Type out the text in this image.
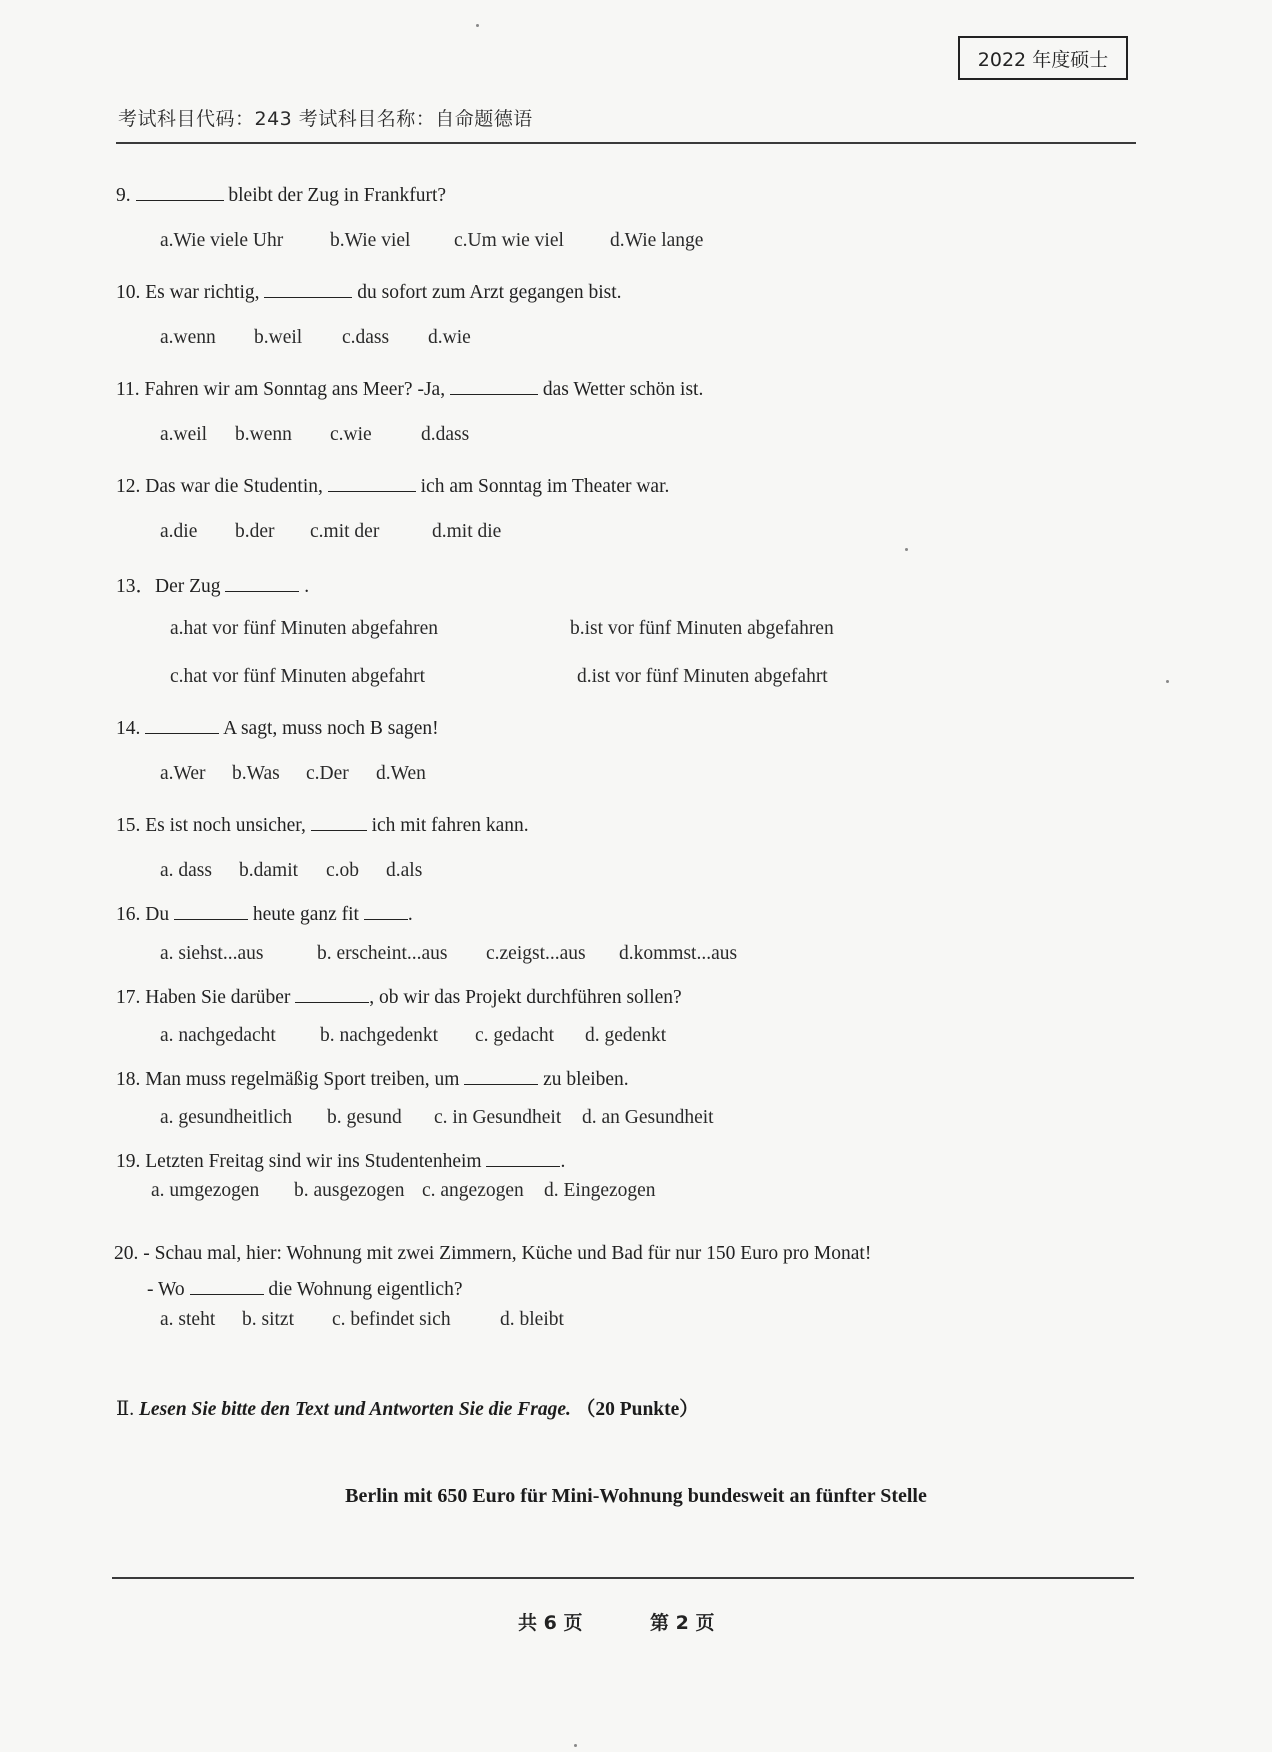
2022 年度硕士
考试科目代码：243 考试科目名称：自命题德语
9.	bleibt der Zug in Frankfurt?
a.Wie viele Uhr b.Wie viel c.Um wie viel d.Wie lange
10. Es war richtig,	du sofort zum Arzt gegangen bist.
a.wenn b.weil c.dass d.wie
11. Fahren wir am Sonntag ans Meer? -Ja,	das Wetter schön ist.
a.weil b.wenn c.wie	d.dass
12. Das war die Studentin,	ich am Sonntag im Theater war.
a.die b.der c.mit der	d.mit die
13．Der Zug	.
a.hat vor fünf Minuten abgefahren	b.ist vor fünf Minuten abgefahren
c.hat vor fünf Minuten abgefahrt	d.ist vor fünf Minuten abgefahrt
14.	A sagt, muss noch B sagen!
a.Wer b.Was c.Der d.Wen
15. Es ist noch unsicher,	ich mit fahren kann.
a. dass b.damit c.ob d.als
16. Du	heute ganz fit	.
a. siehst...aus	b. erscheint...aus c.zeigst...aus d.kommst...aus
17. Haben Sie darüber	, ob wir das Projekt durchführen sollen?
a. nachgedacht b. nachgedenkt c. gedacht d. gedenkt
18. Man muss regelmäßig Sport treiben, um	zu bleiben.
a. gesundheitlich b. gesund c. in Gesundheit d. an Gesundheit
19. Letzten Freitag sind wir ins Studentenheim	.
a. umgezogen b. ausgezogen c. angezogen d. Eingezogen
20. - Schau mal, hier: Wohnung mit zwei Zimmern, Küche und Bad für nur 150 Euro pro Monat!
- Wo	die Wohnung eigentlich?
a. steht b. sitzt c. befindet sich	d. bleibt
Ⅱ. Lesen Sie bitte den Text und Antworten Sie die Frage. （20 Punkte）
Berlin mit 650 Euro für Mini-Wohnung bundesweit an fünfter Stelle
共 6 页	第 2 页
